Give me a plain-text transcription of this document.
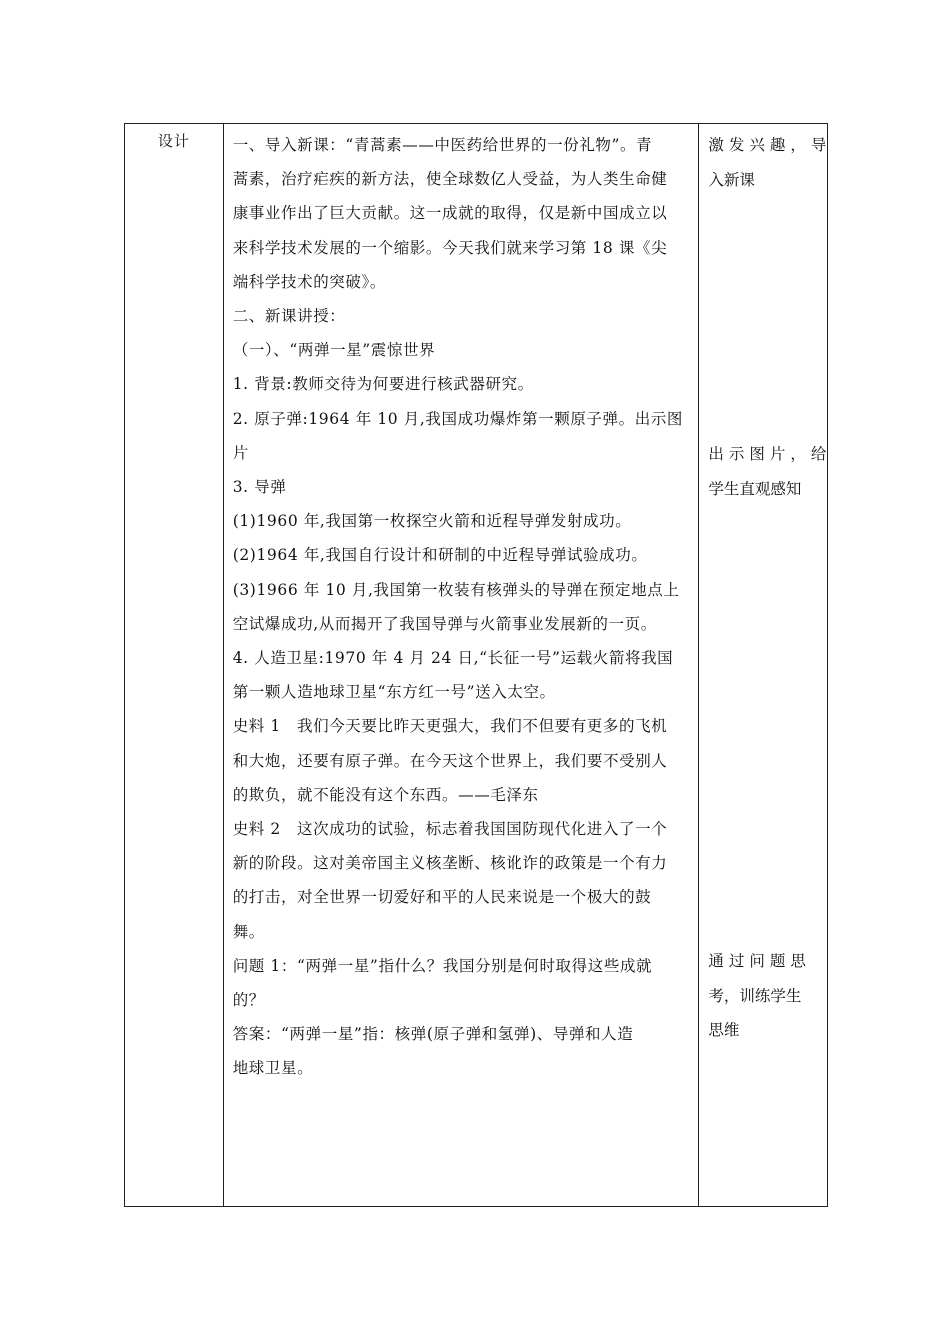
设计	一、导入新课：“青蒿素——中医药给世界的一份礼物”。青
蒿素，治疗疟疾的新方法，使全球数亿人受益，为人类生命健
康事业作出了巨大贡献。这一成就的取得，仅是新中国成立以
来科学技术发展的一个缩影。今天我们就来学习第 18 课《尖
端科学技术的突破》。
二、新课讲授：
（一）、“两弹一星”震惊世界
1. 背景:教师交待为何要进行核武器研究。
2. 原子弹:1964 年 10 月,我国成功爆炸第一颗原子弹。出示图
片
3. 导弹
(1)1960 年,我国第一枚探空火箭和近程导弹发射成功。
(2)1964 年,我国自行设计和研制的中近程导弹试验成功。
(3)1966 年 10 月,我国第一枚装有核弹头的导弹在预定地点上
空试爆成功,从而揭开了我国导弹与火箭事业发展新的一页。
4. 人造卫星:1970 年 4 月 24 日,“长征一号”运载火箭将我国
第一颗人造地球卫星“东方红一号”送入太空。
史料 1　我们今天要比昨天更强大，我们不但要有更多的飞机
和大炮，还要有原子弹。在今天这个世界上，我们要不受别人
的欺负，就不能没有这个东西。——毛泽东
史料 2　这次成功的试验，标志着我国国防现代化进入了一个
新的阶段。这对美帝国主义核垄断、核讹诈的政策是一个有力
的打击，对全世界一切爱好和平的人民来说是一个极大的鼓
舞。
问题 1：“两弹一星”指什么？我国分别是何时取得这些成就
的？
答案：“两弹一星”指：核弹(原子弹和氢弹)、导弹和人造
地球卫星。
激发兴趣，导
入新课
出示图片，给
学生直观感知
通过问题思
考，训练学生
思维
